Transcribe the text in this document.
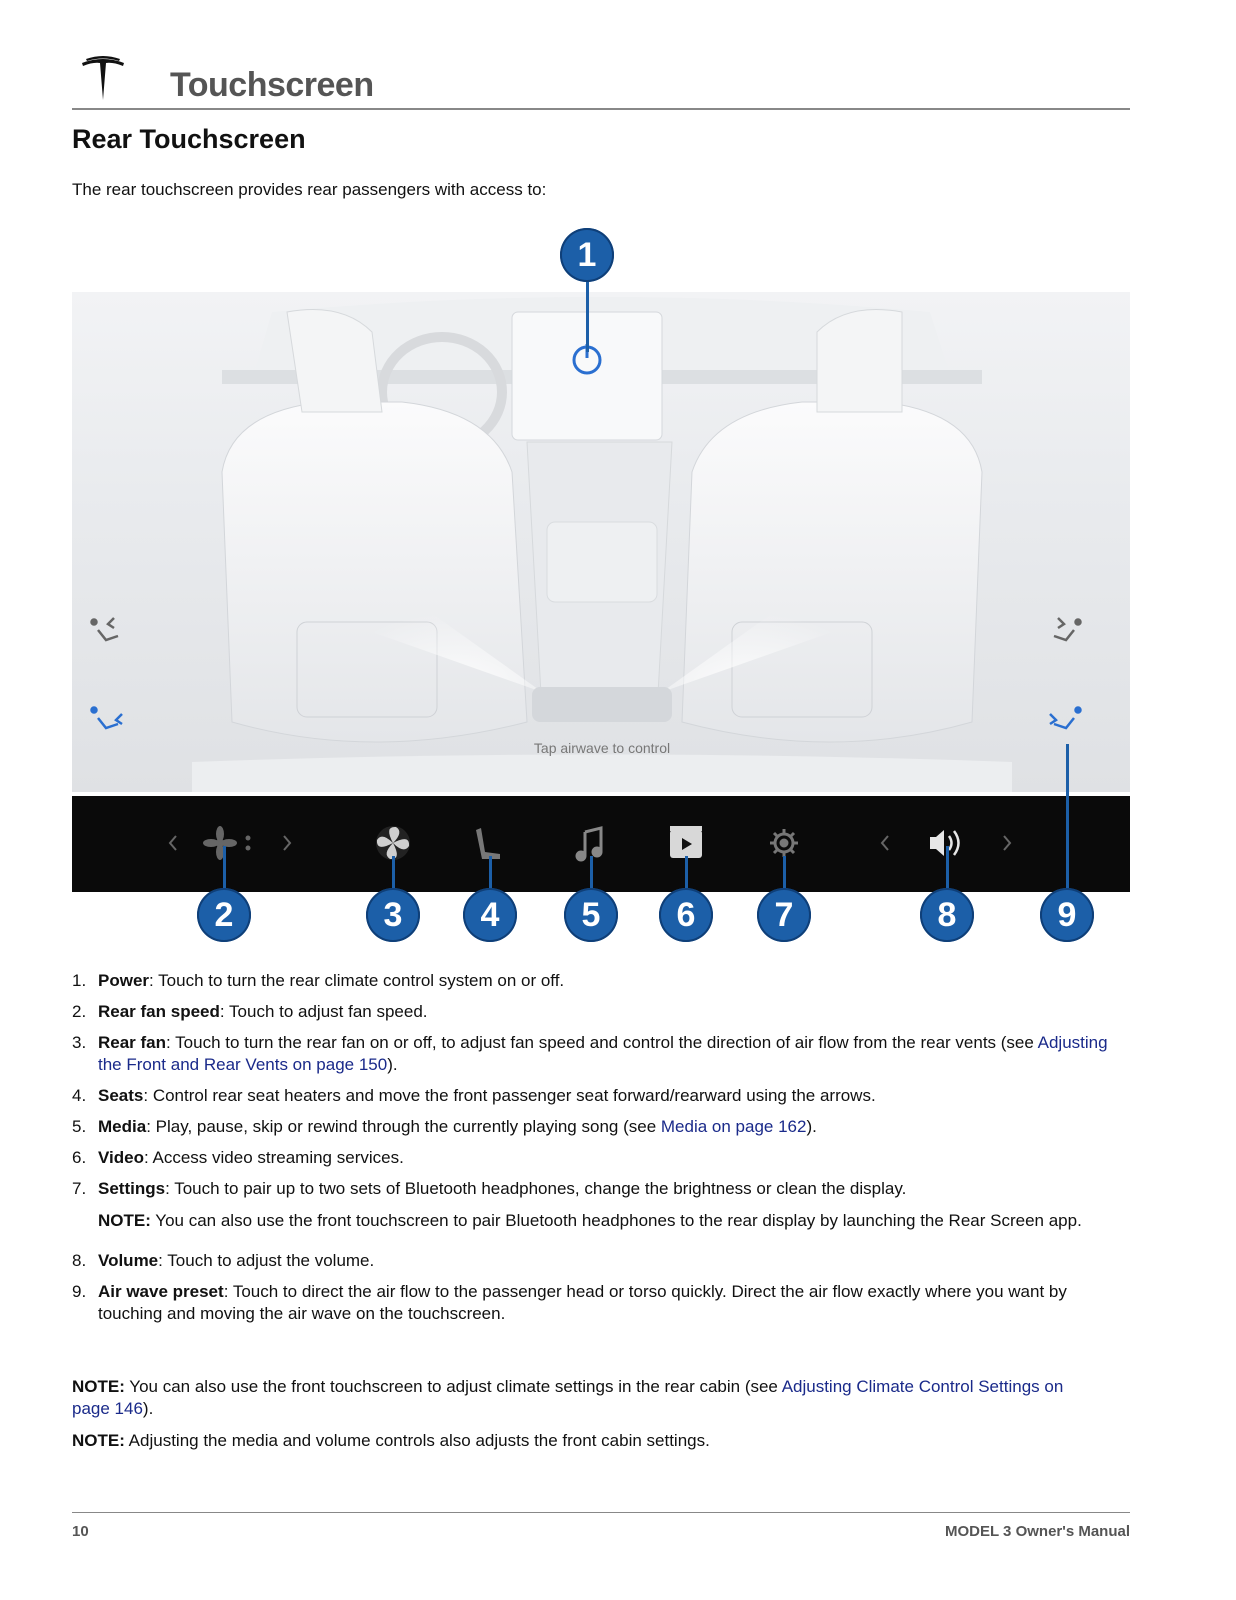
Touchscreen
Rear Touchscreen
The rear touchscreen provides rear passengers with access to:
Tap airwave to control
1
2	3	4	5	6	7	8	9
1. Power: Touch to turn the rear climate control system on or off.
2. Rear fan speed: Touch to adjust fan speed.
3. Rear fan: Touch to turn the rear fan on or off, to adjust fan speed and control the direction of air flow from the rear vents (see Adjusting the Front and Rear Vents on page 150).
4. Seats: Control rear seat heaters and move the front passenger seat forward/rearward using the arrows.
5. Media: Play, pause, skip or rewind through the currently playing song (see Media on page 162).
6. Video: Access video streaming services.
7. Settings: Touch to pair up to two sets of Bluetooth headphones, change the brightness or clean the display.
NOTE: You can also use the front touchscreen to pair Bluetooth headphones to the rear display by launching the Rear Screen app.
8. Volume: Touch to adjust the volume.
9. Air wave preset: Touch to direct the air flow to the passenger head or torso quickly. Direct the air flow exactly where you want by touching and moving the air wave on the touchscreen.
NOTE: You can also use the front touchscreen to adjust climate settings in the rear cabin (see Adjusting Climate Control Settings on page 146).
NOTE: Adjusting the media and volume controls also adjusts the front cabin settings.
10	MODEL 3 Owner's Manual
